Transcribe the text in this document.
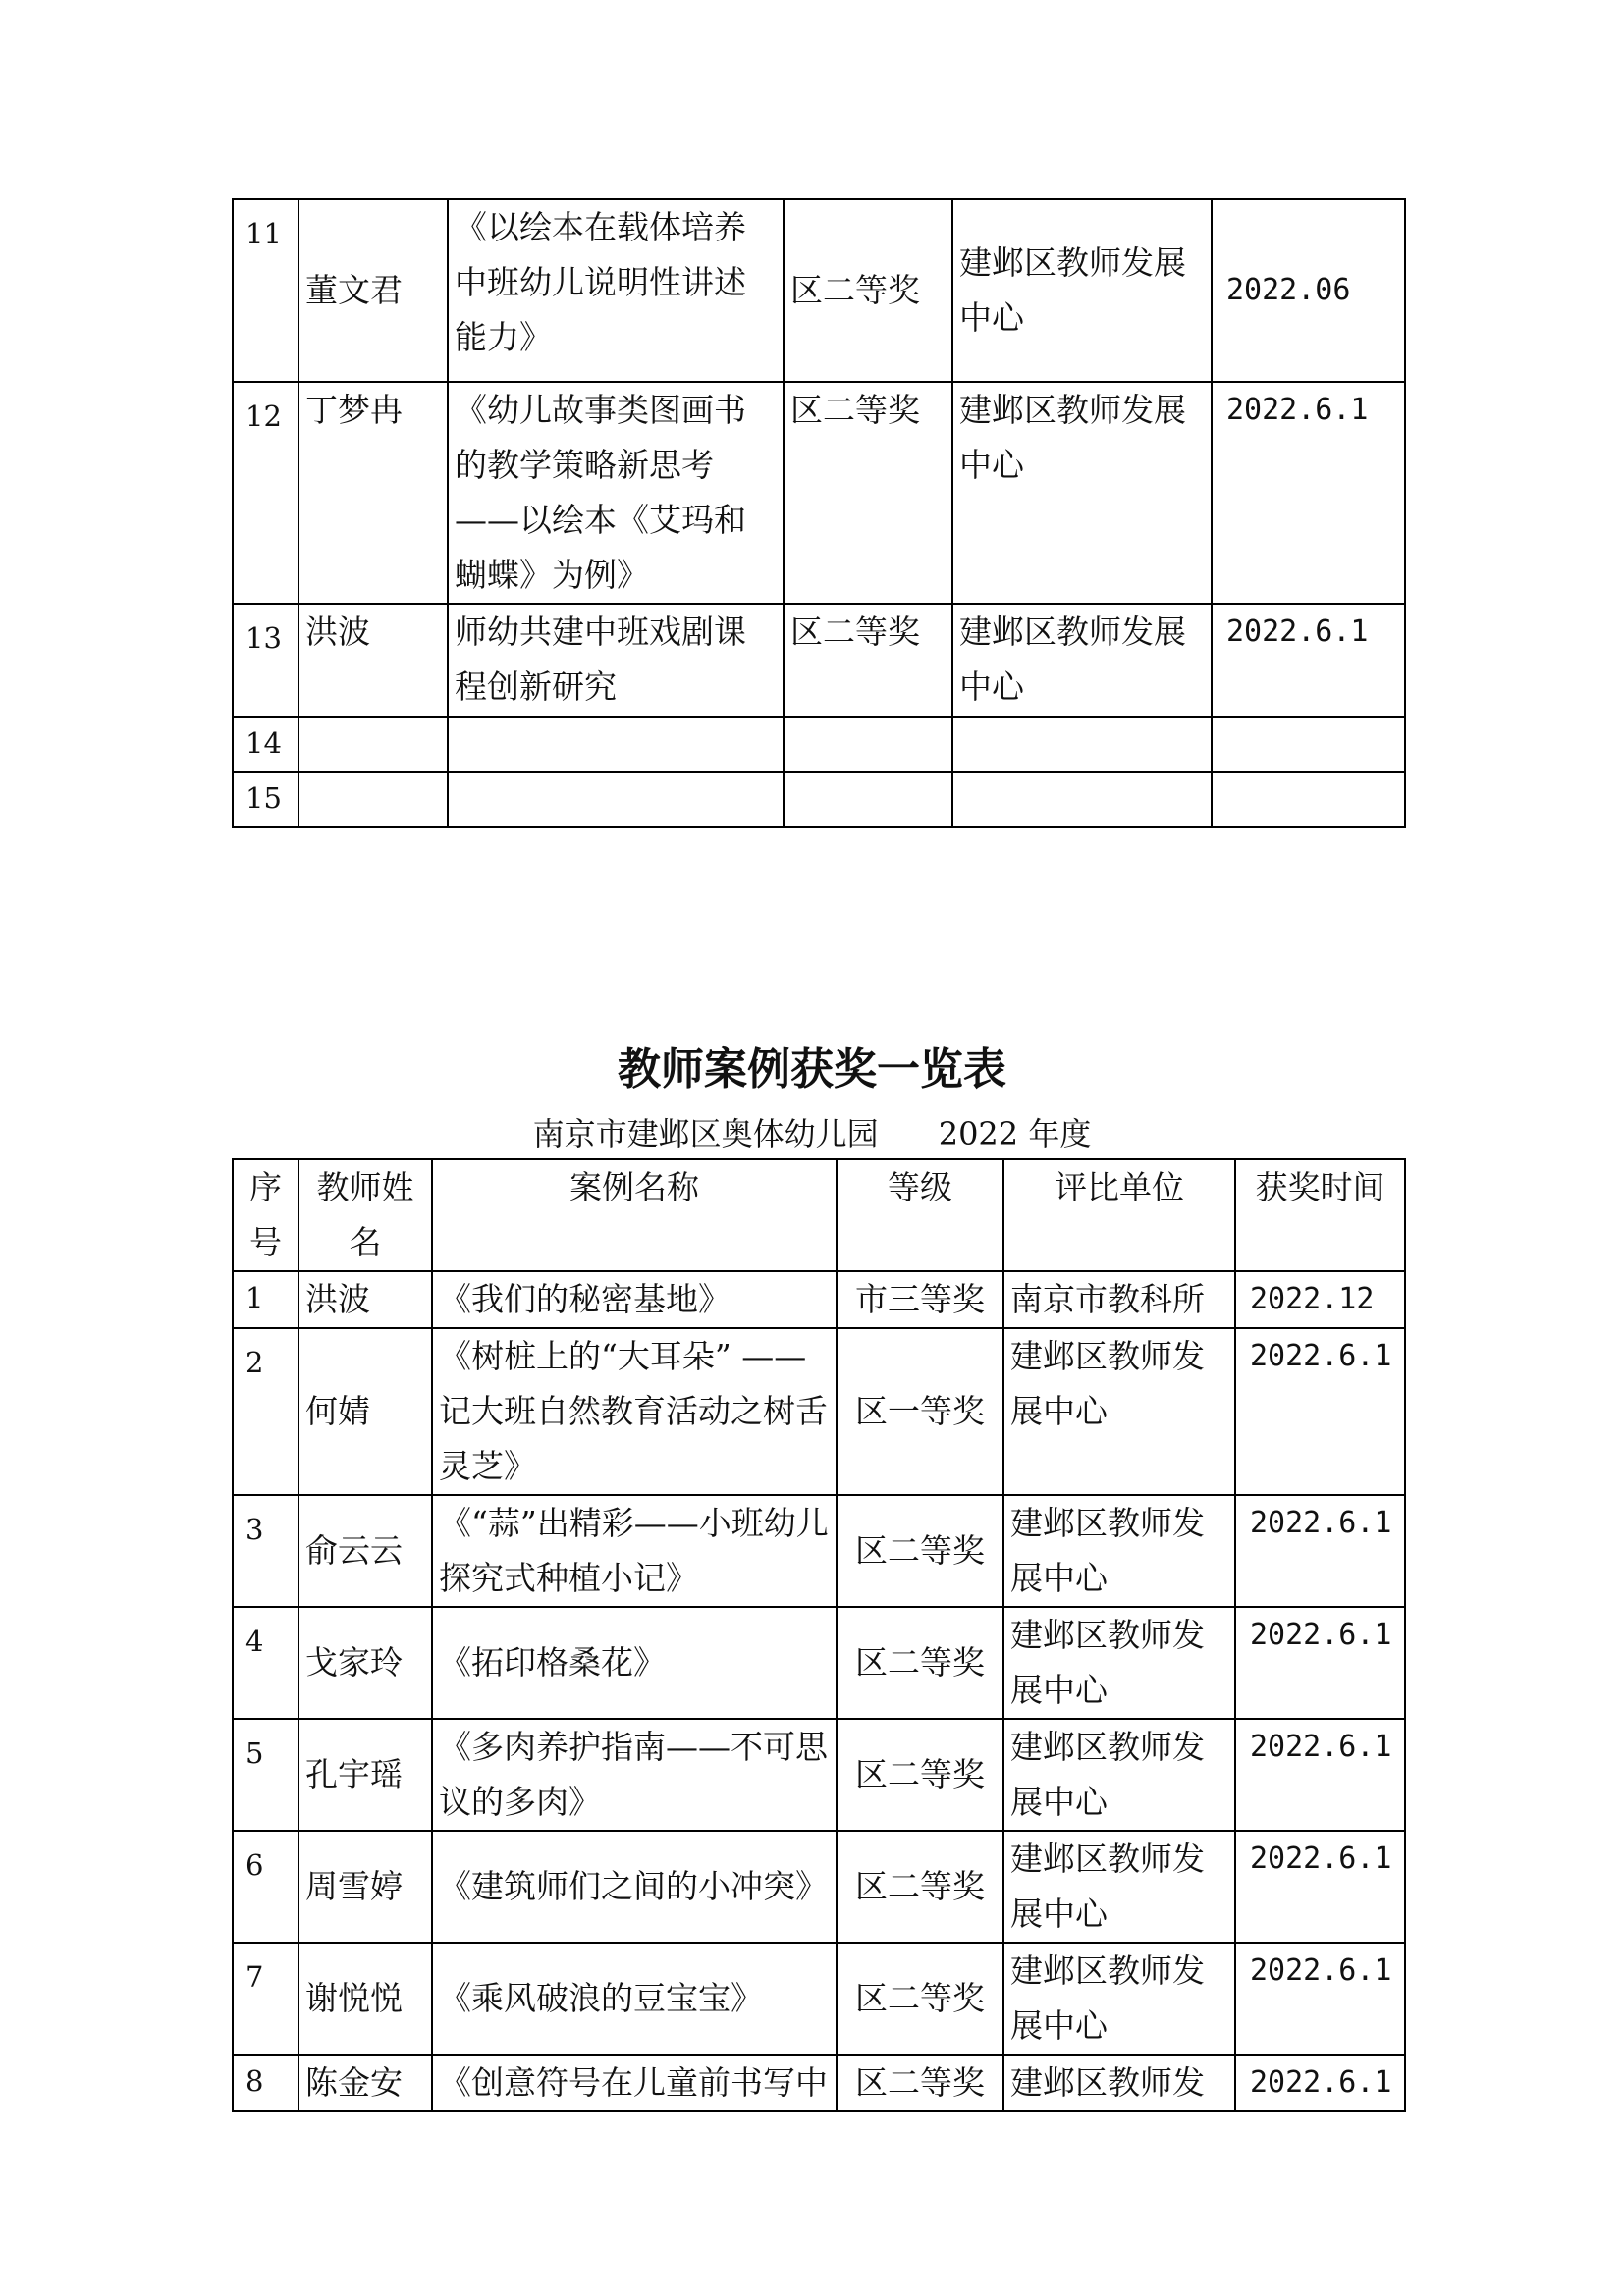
11	董文君	《以绘本在载体培养中班幼儿说明性讲述能力》	区二等奖	建邺区教师发展中心	2022.06
12	丁梦冉	《幼儿故事类图画书的教学策略新思考——以绘本《艾玛和蝴蝶》为例》	区二等奖	建邺区教师发展中心	2022.6.1
13	洪波	师幼共建中班戏剧课程创新研究	区二等奖	建邺区教师发展中心	2022.6.1
14					
15					
教师案例获奖一览表
南京市建邺区奥体幼儿园 2022 年度
序号	教师姓名	案例名称	等级	评比单位	获奖时间
1	洪波	《我们的秘密基地》	市三等奖	南京市教科所	2022.12
2	何婧	《树桩上的“大耳朵” ——记大班自然教育活动之树舌灵芝》	区一等奖	建邺区教师发展中心	2022.6.1
3	俞云云	《“蒜”出精彩——小班幼儿探究式种植小记》	区二等奖	建邺区教师发展中心	2022.6.1
4	戈家玲	《拓印格桑花》	区二等奖	建邺区教师发展中心	2022.6.1
5	孔宇瑶	《多肉养护指南——不可思议的多肉》	区二等奖	建邺区教师发展中心	2022.6.1
6	周雪婷	《建筑师们之间的小冲突》	区二等奖	建邺区教师发展中心	2022.6.1
7	谢悦悦	《乘风破浪的豆宝宝》	区二等奖	建邺区教师发展中心	2022.6.1
8	陈金安	《创意符号在儿童前书写中	区二等奖	建邺区教师发	2022.6.1
